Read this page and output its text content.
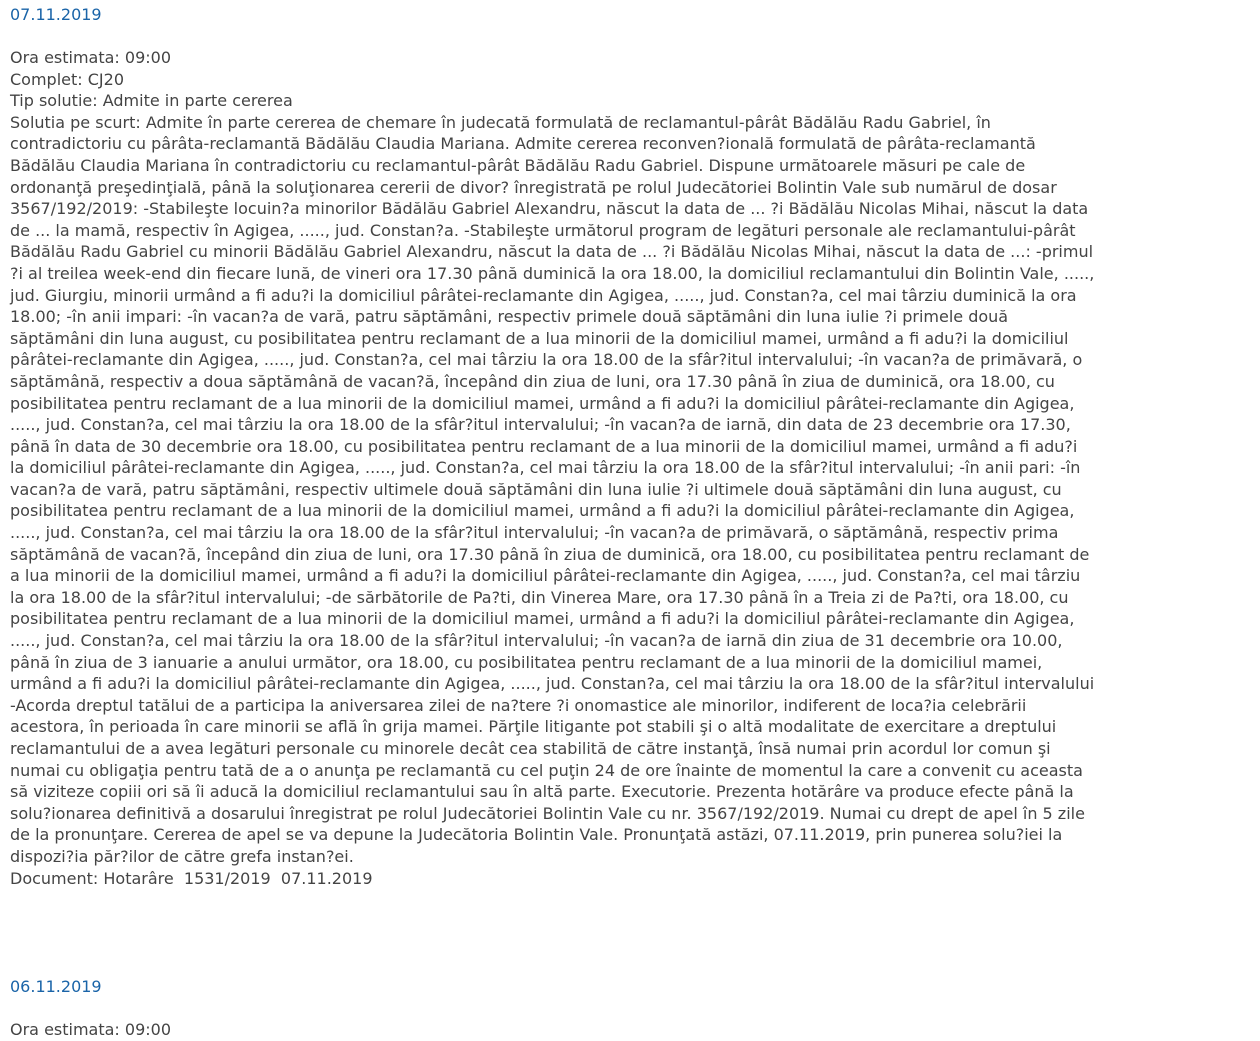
07.11.2019
Ora estimata: 09:00
Complet: CJ20
Tip solutie: Admite in parte cererea
Solutia pe scurt: Admite în parte cererea de chemare în judecată formulată de reclamantul-pârât Bădălău Radu Gabriel, în contradictoriu cu pârâta-reclamantă Bădălău Claudia Mariana. Admite cererea reconven?ională formulată de pârâta-reclamantă Bădălău Claudia Mariana în contradictoriu cu reclamantul-pârât Bădălău Radu Gabriel. Dispune următoarele măsuri pe cale de ordonanţă preşedinţială, până la soluţionarea cererii de divor? înregistrată pe rolul Judecătoriei Bolintin Vale sub numărul de dosar 3567/192/2019: -Stabileşte locuin?a minorilor Bădălău Gabriel Alexandru, născut la data de ... ?i Bădălău Nicolas Mihai, născut la data de ... la mamă, respectiv în Agigea, ....., jud. Constan?a. -Stabileşte următorul program de legături personale ale reclamantului-pârât Bădălău Radu Gabriel cu minorii Bădălău Gabriel Alexandru, născut la data de ... ?i Bădălău Nicolas Mihai, născut la data de ...: -primul ?i al treilea week-end din fiecare lună, de vineri ora 17.30 până duminică la ora 18.00, la domiciliul reclamantului din Bolintin Vale, ....., jud. Giurgiu, minorii urmând a fi adu?i la domiciliul pârâtei-reclamante din Agigea, ....., jud. Constan?a, cel mai târziu duminică la ora 18.00; -în anii impari: -în vacan?a de vară, patru săptămâni, respectiv primele două săptămâni din luna iulie ?i primele două săptămâni din luna august, cu posibilitatea pentru reclamant de a lua minorii de la domiciliul mamei, urmând a fi adu?i la domiciliul pârâtei-reclamante din Agigea, ....., jud. Constan?a, cel mai târziu la ora 18.00 de la sfâr?itul intervalului; -în vacan?a de primăvară, o săptămână, respectiv a doua săptămână de vacan?ă, începând din ziua de luni, ora 17.30 până în ziua de duminică, ora 18.00, cu posibilitatea pentru reclamant de a lua minorii de la domiciliul mamei, urmând a fi adu?i la domiciliul pârâtei-reclamante din Agigea, ....., jud. Constan?a, cel mai târziu la ora 18.00 de la sfâr?itul intervalului; -în vacan?a de iarnă, din data de 23 decembrie ora 17.30, până în data de 30 decembrie ora 18.00, cu posibilitatea pentru reclamant de a lua minorii de la domiciliul mamei, urmând a fi adu?i la domiciliul pârâtei-reclamante din Agigea, ....., jud. Constan?a, cel mai târziu la ora 18.00 de la sfâr?itul intervalului; -în anii pari: -în vacan?a de vară, patru săptămâni, respectiv ultimele două săptămâni din luna iulie ?i ultimele două săptămâni din luna august, cu posibilitatea pentru reclamant de a lua minorii de la domiciliul mamei, urmând a fi adu?i la domiciliul pârâtei-reclamante din Agigea, ....., jud. Constan?a, cel mai târziu la ora 18.00 de la sfâr?itul intervalului; -în vacan?a de primăvară, o săptămână, respectiv prima săptămână de vacan?ă, începând din ziua de luni, ora 17.30 până în ziua de duminică, ora 18.00, cu posibilitatea pentru reclamant de a lua minorii de la domiciliul mamei, urmând a fi adu?i la domiciliul pârâtei-reclamante din Agigea, ....., jud. Constan?a, cel mai târziu la ora 18.00 de la sfâr?itul intervalului; -de sărbătorile de Pa?ti, din Vinerea Mare, ora 17.30 până în a Treia zi de Pa?ti, ora 18.00, cu posibilitatea pentru reclamant de a lua minorii de la domiciliul mamei, urmând a fi adu?i la domiciliul pârâtei-reclamante din Agigea, ....., jud. Constan?a, cel mai târziu la ora 18.00 de la sfâr?itul intervalului; -în vacan?a de iarnă din ziua de 31 decembrie ora 10.00, până în ziua de 3 ianuarie a anului următor, ora 18.00, cu posibilitatea pentru reclamant de a lua minorii de la domiciliul mamei, urmând a fi adu?i la domiciliul pârâtei-reclamante din Agigea, ....., jud. Constan?a, cel mai târziu la ora 18.00 de la sfâr?itul intervalului -Acorda dreptul tatălui de a participa la aniversarea zilei de na?tere ?i onomastice ale minorilor, indiferent de loca?ia celebrării acestora, în perioada în care minorii se află în grija mamei. Părţile litigante pot stabili şi o altă modalitate de exercitare a dreptului reclamantului de a avea legături personale cu minorele decât cea stabilită de către instanţă, însă numai prin acordul lor comun şi numai cu obligaţia pentru tată de a o anunţa pe reclamantă cu cel puţin 24 de ore înainte de momentul la care a convenit cu aceasta să viziteze copiii ori să îi aducă la domiciliul reclamantului sau în altă parte. Executorie. Prezenta hotărâre va produce efecte până la solu?ionarea definitivă a dosarului înregistrat pe rolul Judecătoriei Bolintin Vale cu nr. 3567/192/2019. Numai cu drept de apel în 5 zile de la pronunţare. Cererea de apel se va depune la Judecătoria Bolintin Vale. Pronunţată astăzi, 07.11.2019, prin punerea solu?iei la dispozi?ia păr?ilor de către grefa instan?ei.
Document: Hotarâre  1531/2019  07.11.2019
06.11.2019
Ora estimata: 09:00
